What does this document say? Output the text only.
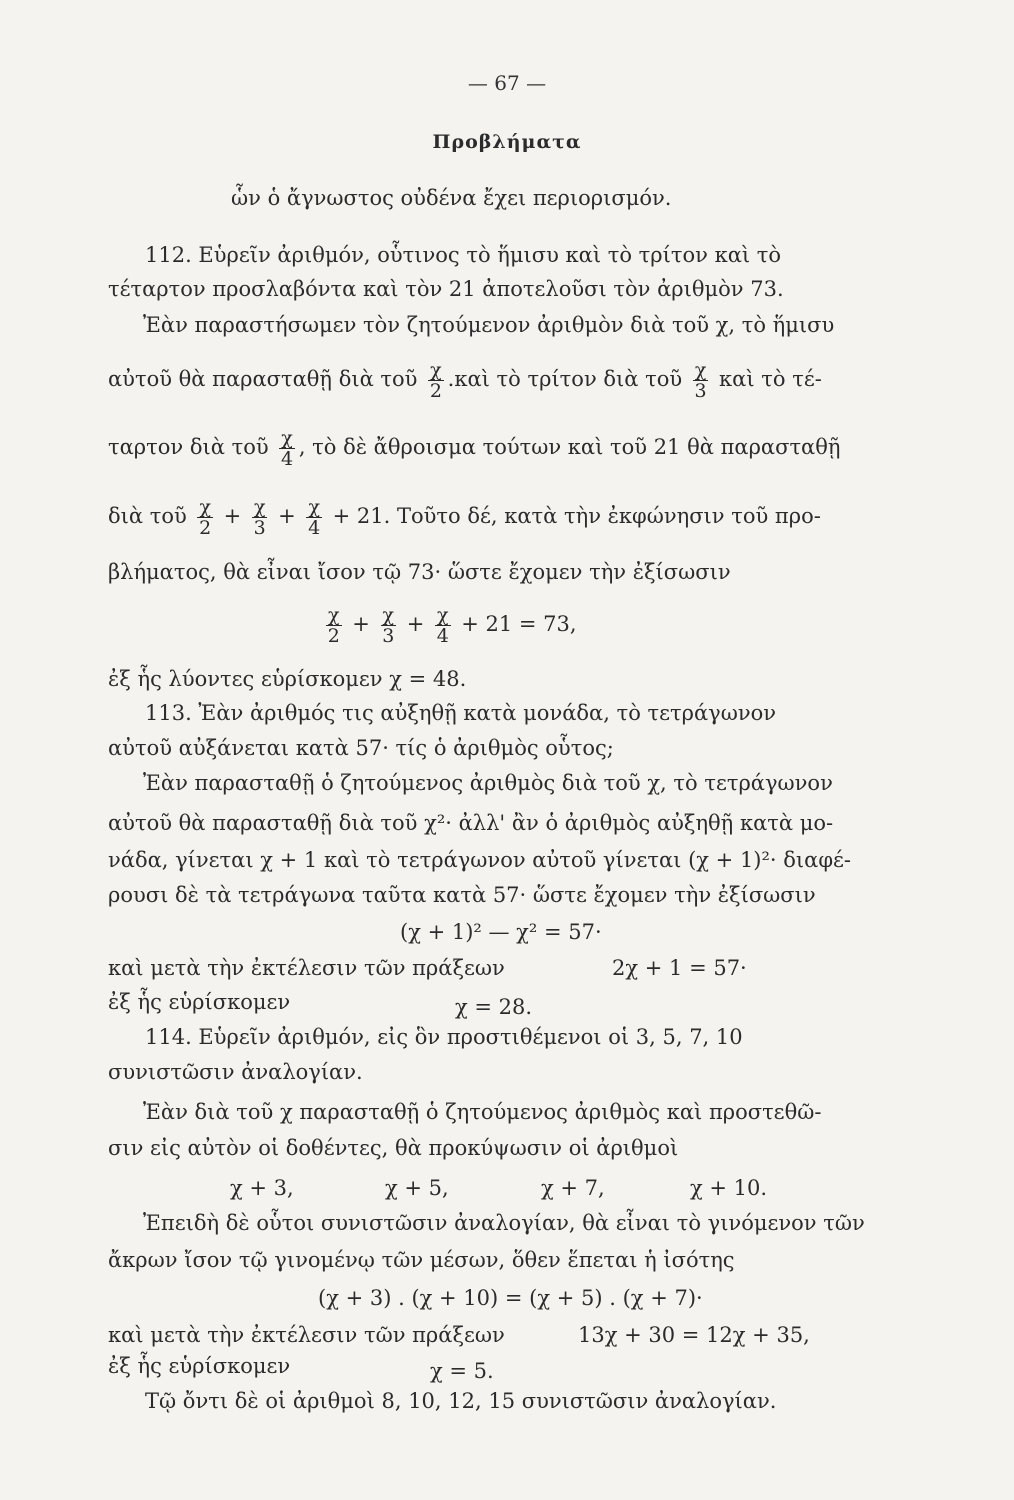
— 67 —
Προβλήματα
ὧν ὁ ἄγνωστος οὐδένα ἔχει περιορισμόν.
112. Εὑρεῖν ἀριθμόν, οὗτινος τὸ ἥμισυ καὶ τὸ τρίτον καὶ τὸ
τέταρτον προσλαβόντα καὶ τὸν 21 ἀποτελοῦσι τὸν ἀριθμὸν 73.
Ἐὰν παραστήσωμεν τὸν ζητούμενον ἀριθμὸν διὰ τοῦ χ, τὸ ἥμισυ
αὐτοῦ θὰ παρασταθῇ διὰ τοῦ $\frac{\chi}{2}$ .καὶ τὸ τρίτον διὰ τοῦ $\frac{\chi}{3}$ καὶ τὸ τέ-
ταρτον διὰ τοῦ $\frac{\chi}{4}$ , τὸ δὲ ἄθροισμα τούτων καὶ τοῦ 21 θὰ παρασταθῇ
διὰ τοῦ $\frac{\chi}{2} + \frac{\chi}{3} + \frac{\chi}{4} + 21$. Τοῦτο δέ, κατὰ τὴν ἐκφώνησιν τοῦ προ-
βλήματος, θὰ εἶναι ἴσον τῷ 73· ὥστε ἔχομεν τὴν ἐξίσωσιν
$\frac{\chi}{2} + \frac{\chi}{3} + \frac{\chi}{4} + 21 = 73$,
ἐξ ἧς λύοντες εὑρίσκομεν χ = 48.
113. Ἐὰν ἀριθμός τις αὐξηθῇ κατὰ μονάδα, τὸ τετράγωνον
αὐτοῦ αὐξάνεται κατὰ 57· τίς ὁ ἀριθμὸς οὗτος;
Ἐὰν παρασταθῇ ὁ ζητούμενος ἀριθμὸς διὰ τοῦ χ, τὸ τετράγωνον
αὐτοῦ θὰ παρασταθῇ διὰ τοῦ χ²· ἀλλ' ἂν ὁ ἀριθμὸς αὐξηθῇ κατὰ μο-
νάδα, γίνεται χ + 1 καὶ τὸ τετράγωνον αὐτοῦ γίνεται (χ + 1)²· διαφέ-
ρουσι δὲ τὰ τετράγωνα ταῦτα κατὰ 57· ὥστε ἔχομεν τὴν ἐξίσωσιν
(χ + 1)² — χ² = 57·
καὶ μετὰ τὴν ἐκτέλεσιν τῶν πράξεων	2χ + 1 = 57·
ἐξ ἧς εὑρίσκομεν	χ = 28.
114. Εὑρεῖν ἀριθμόν, εἰς ὃν προστιθέμενοι οἱ 3, 5, 7, 10
συνιστῶσιν ἀναλογίαν.
Ἐὰν διὰ τοῦ χ παρασταθῇ ὁ ζητούμενος ἀριθμὸς καὶ προστεθῶ-
σιν εἰς αὐτὸν οἱ δοθέντες, θὰ προκύψωσιν οἱ ἀριθμοὶ
χ + 3,	χ + 5,	χ + 7,	χ + 10.
Ἐπειδὴ δὲ οὗτοι συνιστῶσιν ἀναλογίαν, θὰ εἶναι τὸ γινόμενον τῶν
ἄκρων ἴσον τῷ γινομένῳ τῶν μέσων, ὅθεν ἕπεται ἡ ἰσότης
(χ + 3) . (χ + 10) = (χ + 5) . (χ + 7)·
καὶ μετὰ τὴν ἐκτέλεσιν τῶν πράξεων	13χ + 30 = 12χ + 35,
ἐξ ἧς εὑρίσκομεν	χ = 5.
Τῷ ὄντι δὲ οἱ ἀριθμοὶ 8, 10, 12, 15 συνιστῶσιν ἀναλογίαν.
